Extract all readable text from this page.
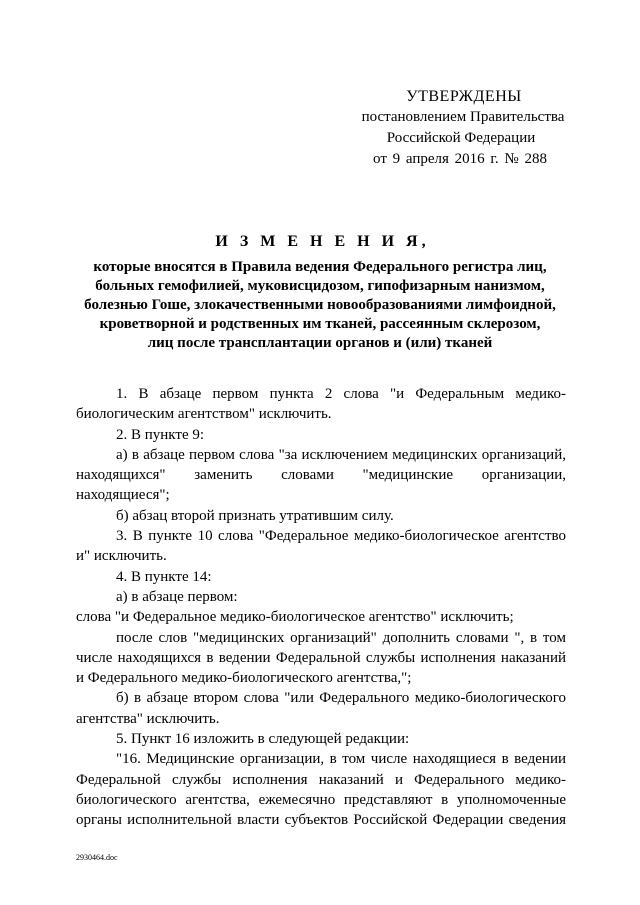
УТВЕРЖДЕНЫ
постановлением Правительства
Российской Федерации
от 9 апреля 2016 г. № 288
И З М Е Н Е Н И Я,
которые вносятся в Правила ведения Федерального регистра лиц,
больных гемофилией, муковисцидозом, гипофизарным нанизмом,
болезнью Гоше, злокачественными новообразованиями лимфоидной,
кроветворной и родственных им тканей, рассеянным склерозом,
лиц после трансплантации органов и (или) тканей
1. В абзаце первом пункта 2 слова "и Федеральным медико-
биологическим агентством" исключить.
2. В пункте 9:
а) в абзаце первом слова "за исключением медицинских организаций,
находящихся" заменить словами "медицинские организации,
находящиеся";
б) абзац второй признать утратившим силу.
3. В пункте 10 слова "Федеральное медико-биологическое агентство
и" исключить.
4. В пункте 14:
а) в абзаце первом:
слова "и Федеральное медико-биологическое агентство" исключить;
после слов "медицинских организаций" дополнить словами ", в том
числе находящихся в ведении Федеральной службы исполнения наказаний
и Федерального медико-биологического агентства,";
б) в абзаце втором слова "или Федерального медико-биологического
агентства" исключить.
5. Пункт 16 изложить в следующей редакции:
"16. Медицинские организации, в том числе находящиеся в ведении
Федеральной службы исполнения наказаний и Федерального медико-
биологического агентства, ежемесячно представляют в уполномоченные
органы исполнительной власти субъектов Российской Федерации сведения
2930464.doc
